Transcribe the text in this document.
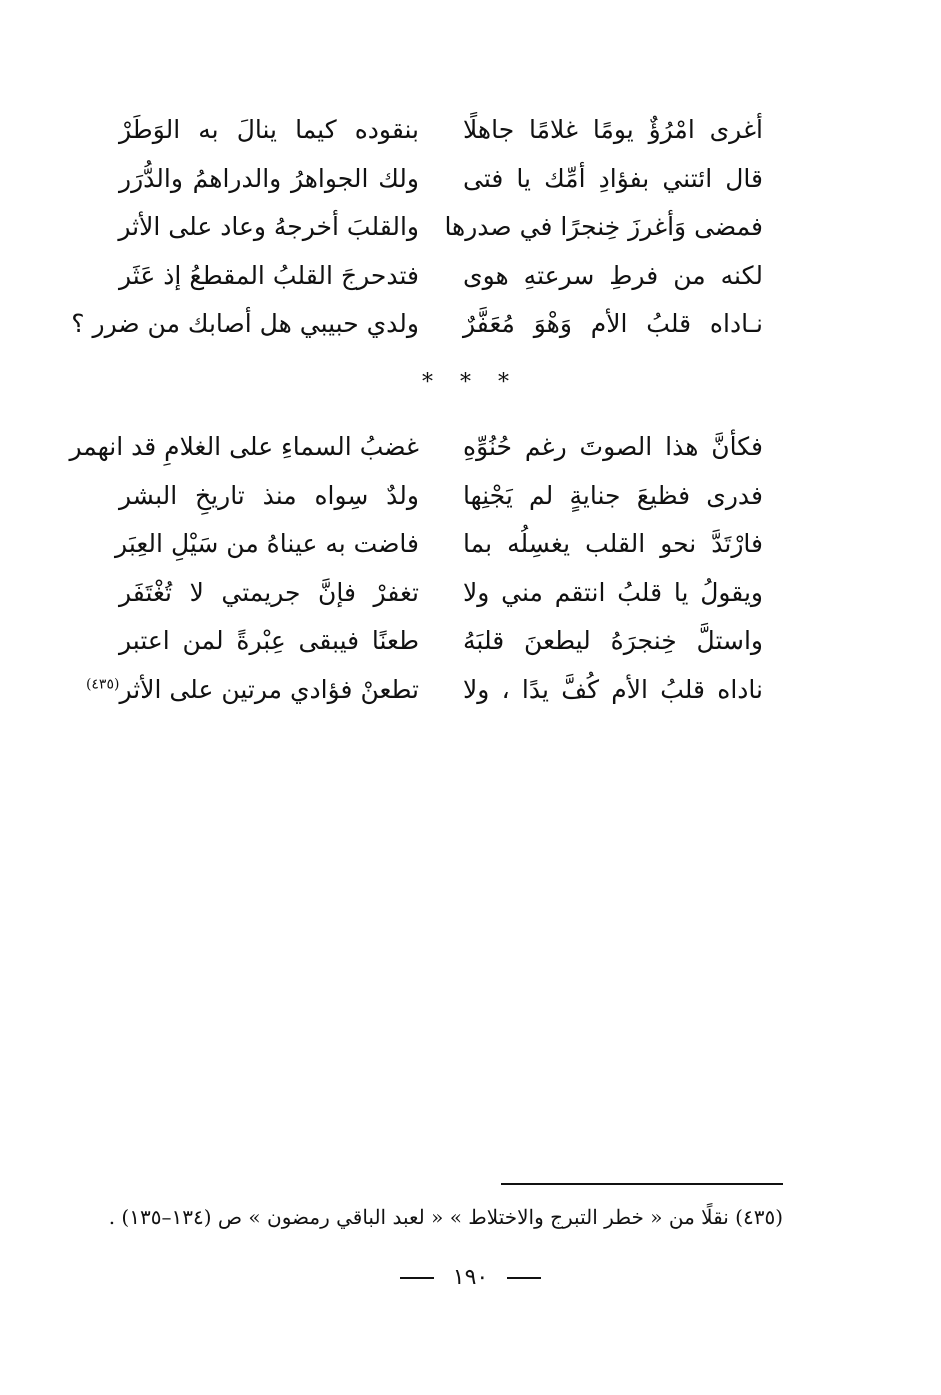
أغرى امْرُؤٌ يومًا غلامًا جاهلًا
بنقوده كيما ينالَ به الوَطَرْ
قال ائتني بفؤادِ أمِّك يا فتى
ولك الجواهرُ والدراهمُ والدُّرَر
فمضى وَأغرزَ خِنجرًا في صدرها
والقلبَ أخرجهُ وعاد على الأثر
لكنه من فرطِ سرعتهِ هوى
فتدحرجَ القلبُ المقطعُ إذ عَثَر
نـاداه قلبُ الأم وَهْوَ مُعَفَّرٌ
ولدي حبيبي هل أصابك من ضرر ؟
* * *
فكأنَّ هذا الصوتَ رغم حُنُوِّهِ
غضبُ السماءِ على الغلامِ قد انهمر
فدرى فظيعَ جنايةٍ لم يَجْنِها
ولدٌ سِواه منذ تاريخِ البشر
فارْتَدَّ نحو القلب يغسِلُه بما
فاضت به عيناهُ من سَيْلِ العِبَر
ويقولُ يا قلبُ انتقم مني ولا
تغفرْ فإنَّ جريمتي لا تُغْتَفَر
واستلَّ خِنجرَهُ ليطعنَ قلبَهُ
طعنًا فيبقى عِبْرةً لمن اعتبر
ناداه قلبُ الأم كُفَّ يدًا ، ولا
تطعنْ فؤادي مرتين على الأثر$^{(٤٣٥)}$
(٤٣٥) نقلًا من « خطر التبرج والاختلاط » « لعبد الباقي رمضون » ص (١٣٤–١٣٥) .
١٩٠
